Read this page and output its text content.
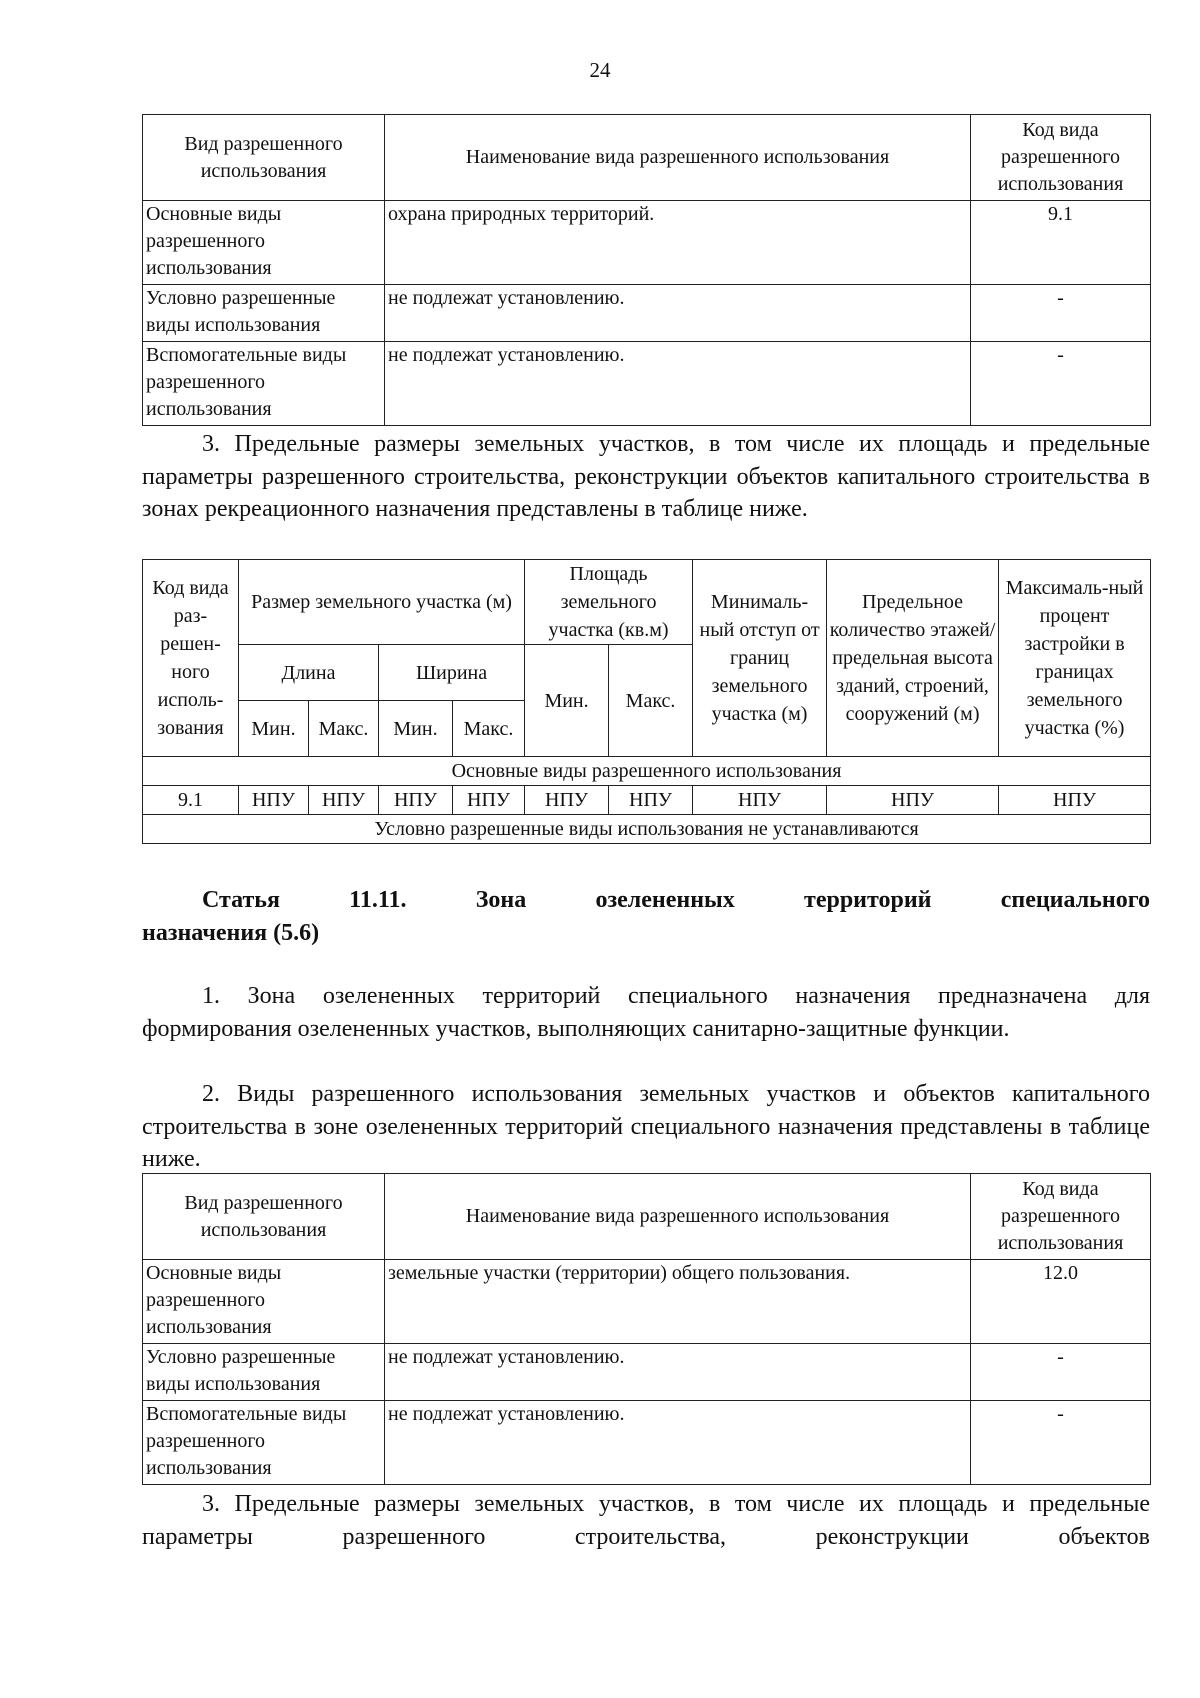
24
Вид разрешенного использования	Наименование вида разрешенного использования	Код вида разрешенного использования
Основные виды разрешенного использования	охрана природных территорий.	9.1
Условно разрешенные виды использования	не подлежат установлению.	-
Вспомогательные виды разрешенного использования	не подлежат установлению.	-
3. Предельные размеры земельных участков, в том числе их площадь и предельные параметры разрешенного строительства, реконструкции объектов капитального строительства в зонах рекреационного назначения представлены в таблице ниже.
Код вида раз-решен-ного исполь-зования	Размер земельного участка (м)				Площадь земельного участка (кв.м)		Минималь-ный отступ от границ земельного участка (м)	Предельное количество этажей/ предельная высота зданий, строений, сооружений (м)	Максималь-ный процент застройки в границах земельного участка (%)
	Длина		Ширина		Мин.	Макс.			
	Мин.	Макс.	Мин.	Макс.					
Основные виды разрешенного использования									
9.1	НПУ	НПУ	НПУ	НПУ	НПУ	НПУ	НПУ	НПУ	НПУ
Условно разрешенные виды использования не устанавливаются									
Статья 11.11. Зона озелененных территорий специального
назначения (5.6)
1. Зона озелененных территорий специального назначения предназначена для формирования озелененных участков, выполняющих санитарно-защитные функции.
2. Виды разрешенного использования земельных участков и объектов капитального строительства в зоне озелененных территорий специального назначения представлены в таблице ниже.
Вид разрешенного использования	Наименование вида разрешенного использования	Код вида разрешенного использования
Основные виды разрешенного использования	земельные участки (территории) общего пользования.	12.0
Условно разрешенные виды использования	не подлежат установлению.	-
Вспомогательные виды разрешенного использования	не подлежат установлению.	-
3. Предельные размеры земельных участков, в том числе их площадь и предельные параметры разрешенного строительства, реконструкции объектов
